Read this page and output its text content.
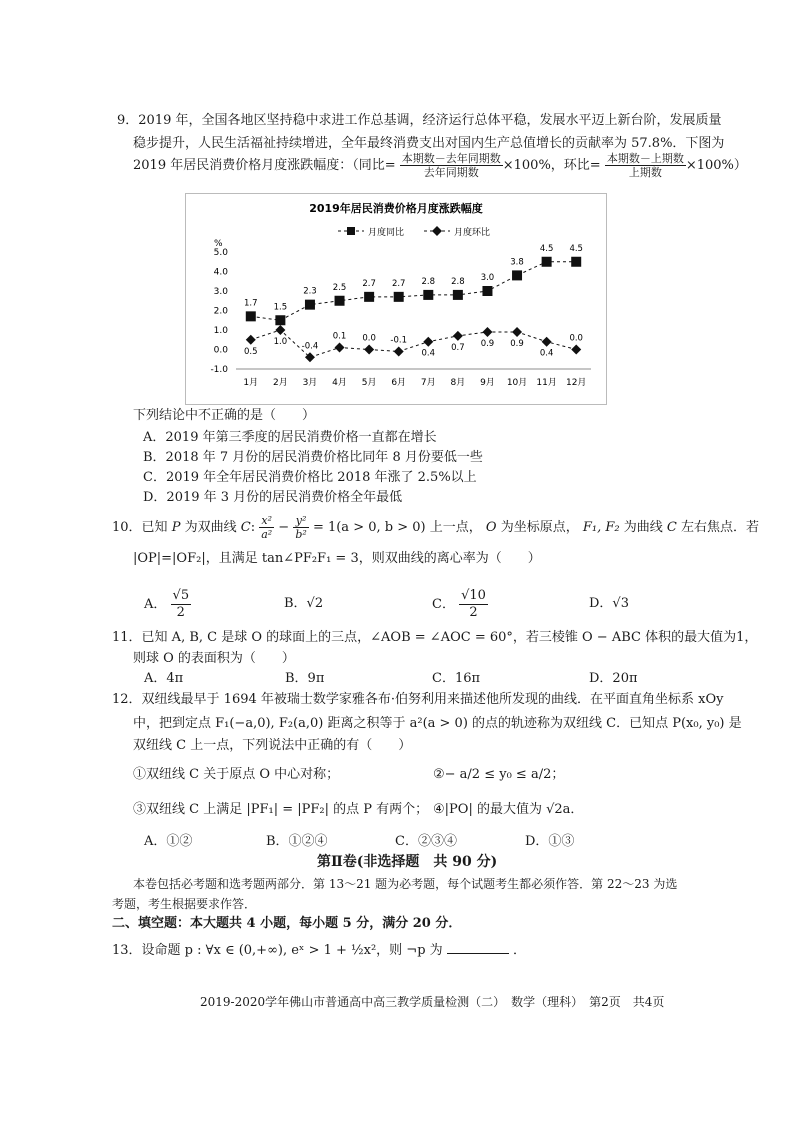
9．2019 年，全国各地区坚持稳中求进工作总基调，经济运行总体平稳，发展水平迈上新台阶，发展质量
稳步提升，人民生活福祉持续增进，全年最终消费支出对国内生产总值增长的贡献率为 57.8%．下图为
2019 年居民消费价格月度涨跌幅度：（同比= $\frac{\text{本期数－去年同期数}}{\text{去年同期数}} \times 100\%$，环比= $\frac{\text{本期数－上期数}}{\text{上期数}} \times 100\%$）
2019年居民消费价格月度涨跌幅度
月度同比	月度环比
%
5.0
4.0
3.0
2.0
1.0
0.0
-1.0
1月 2月 3月 4月 5月 6月 7月 8月 9月 10月 11月 12月
1.7 1.5
2.3 2.5 2.7 2.7 2.8 2.8 3.0
3.8
4.5 4.5
0.5
1.0 -0.4
0.1 0.0 -0.1
0.4
0.7 0.9 0.9
0.4
0.0
下列结论中不正确的是（　　）
A．2019 年第三季度的居民消费价格一直都在增长
B．2018 年 7 月份的居民消费价格比同年 8 月份要低一些
C．2019 年全年居民消费价格比 2018 年涨了 2.5%以上
D．2019 年 3 月份的居民消费价格全年最低
10．已知 P 为双曲线 C: $\frac{\text{x²}}{\text{a²}} - \frac{\text{y²}}{\text{b²}} = 1(a > 0$, b > 0) 上一点， O 为坐标原点， F₁, F₂ 为曲线 C 左右焦点．若
|OP|=|OF₂|，且满足 tan∠PF₂F₁ = 3，则双曲线的离心率为（　　）
A． $\frac{√5}{2}$	B．√2	C． $\frac{√10}{2}$	D．√3
11．已知 A, B, C 是球 O 的球面上的三点，∠AOB = ∠AOC = 60°，若三棱锥 O − ABC 体积的最大值为1，
则球 O 的表面积为（　　）
A．4π	B．9π	C．16π	D．20π
12．双纽线最早于 1694 年被瑞士数学家雅各布·伯努利用来描述他所发现的曲线．在平面直角坐标系 xOy
中，把到定点 F₁(−a,0), F₂(a,0) 距离之积等于 a²(a > 0) 的点的轨迹称为双纽线 C．已知点 P(x₀, y₀) 是
双纽线 C 上一点，下列说法中正确的有（　　）
①双纽线 C 关于原点 O 中心对称；	②− a/2 ≤ y₀ ≤ a/2；
③双纽线 C 上满足 |PF₁| = |PF₂| 的点 P 有两个； ④|PO| 的最大值为 √2a．
A．①②	B．①②④	C．②③④	D．①③
第Ⅱ卷(非选择题　共 90 分)
本卷包括必考题和选考题两部分．第 13～21 题为必考题，每个试题考生都必须作答．第 22～23 为选
考题，考生根据要求作答．
二、填空题：本大题共 4 小题，每小题 5 分，满分 20 分．
13．设命题 p : ∀x ∈ (0,+∞), eˣ > 1 + ½x²，则 ¬p 为	．
2019-2020学年佛山市普通高中高三教学质量检测（二）　数学（理科）　第2页　共4页
